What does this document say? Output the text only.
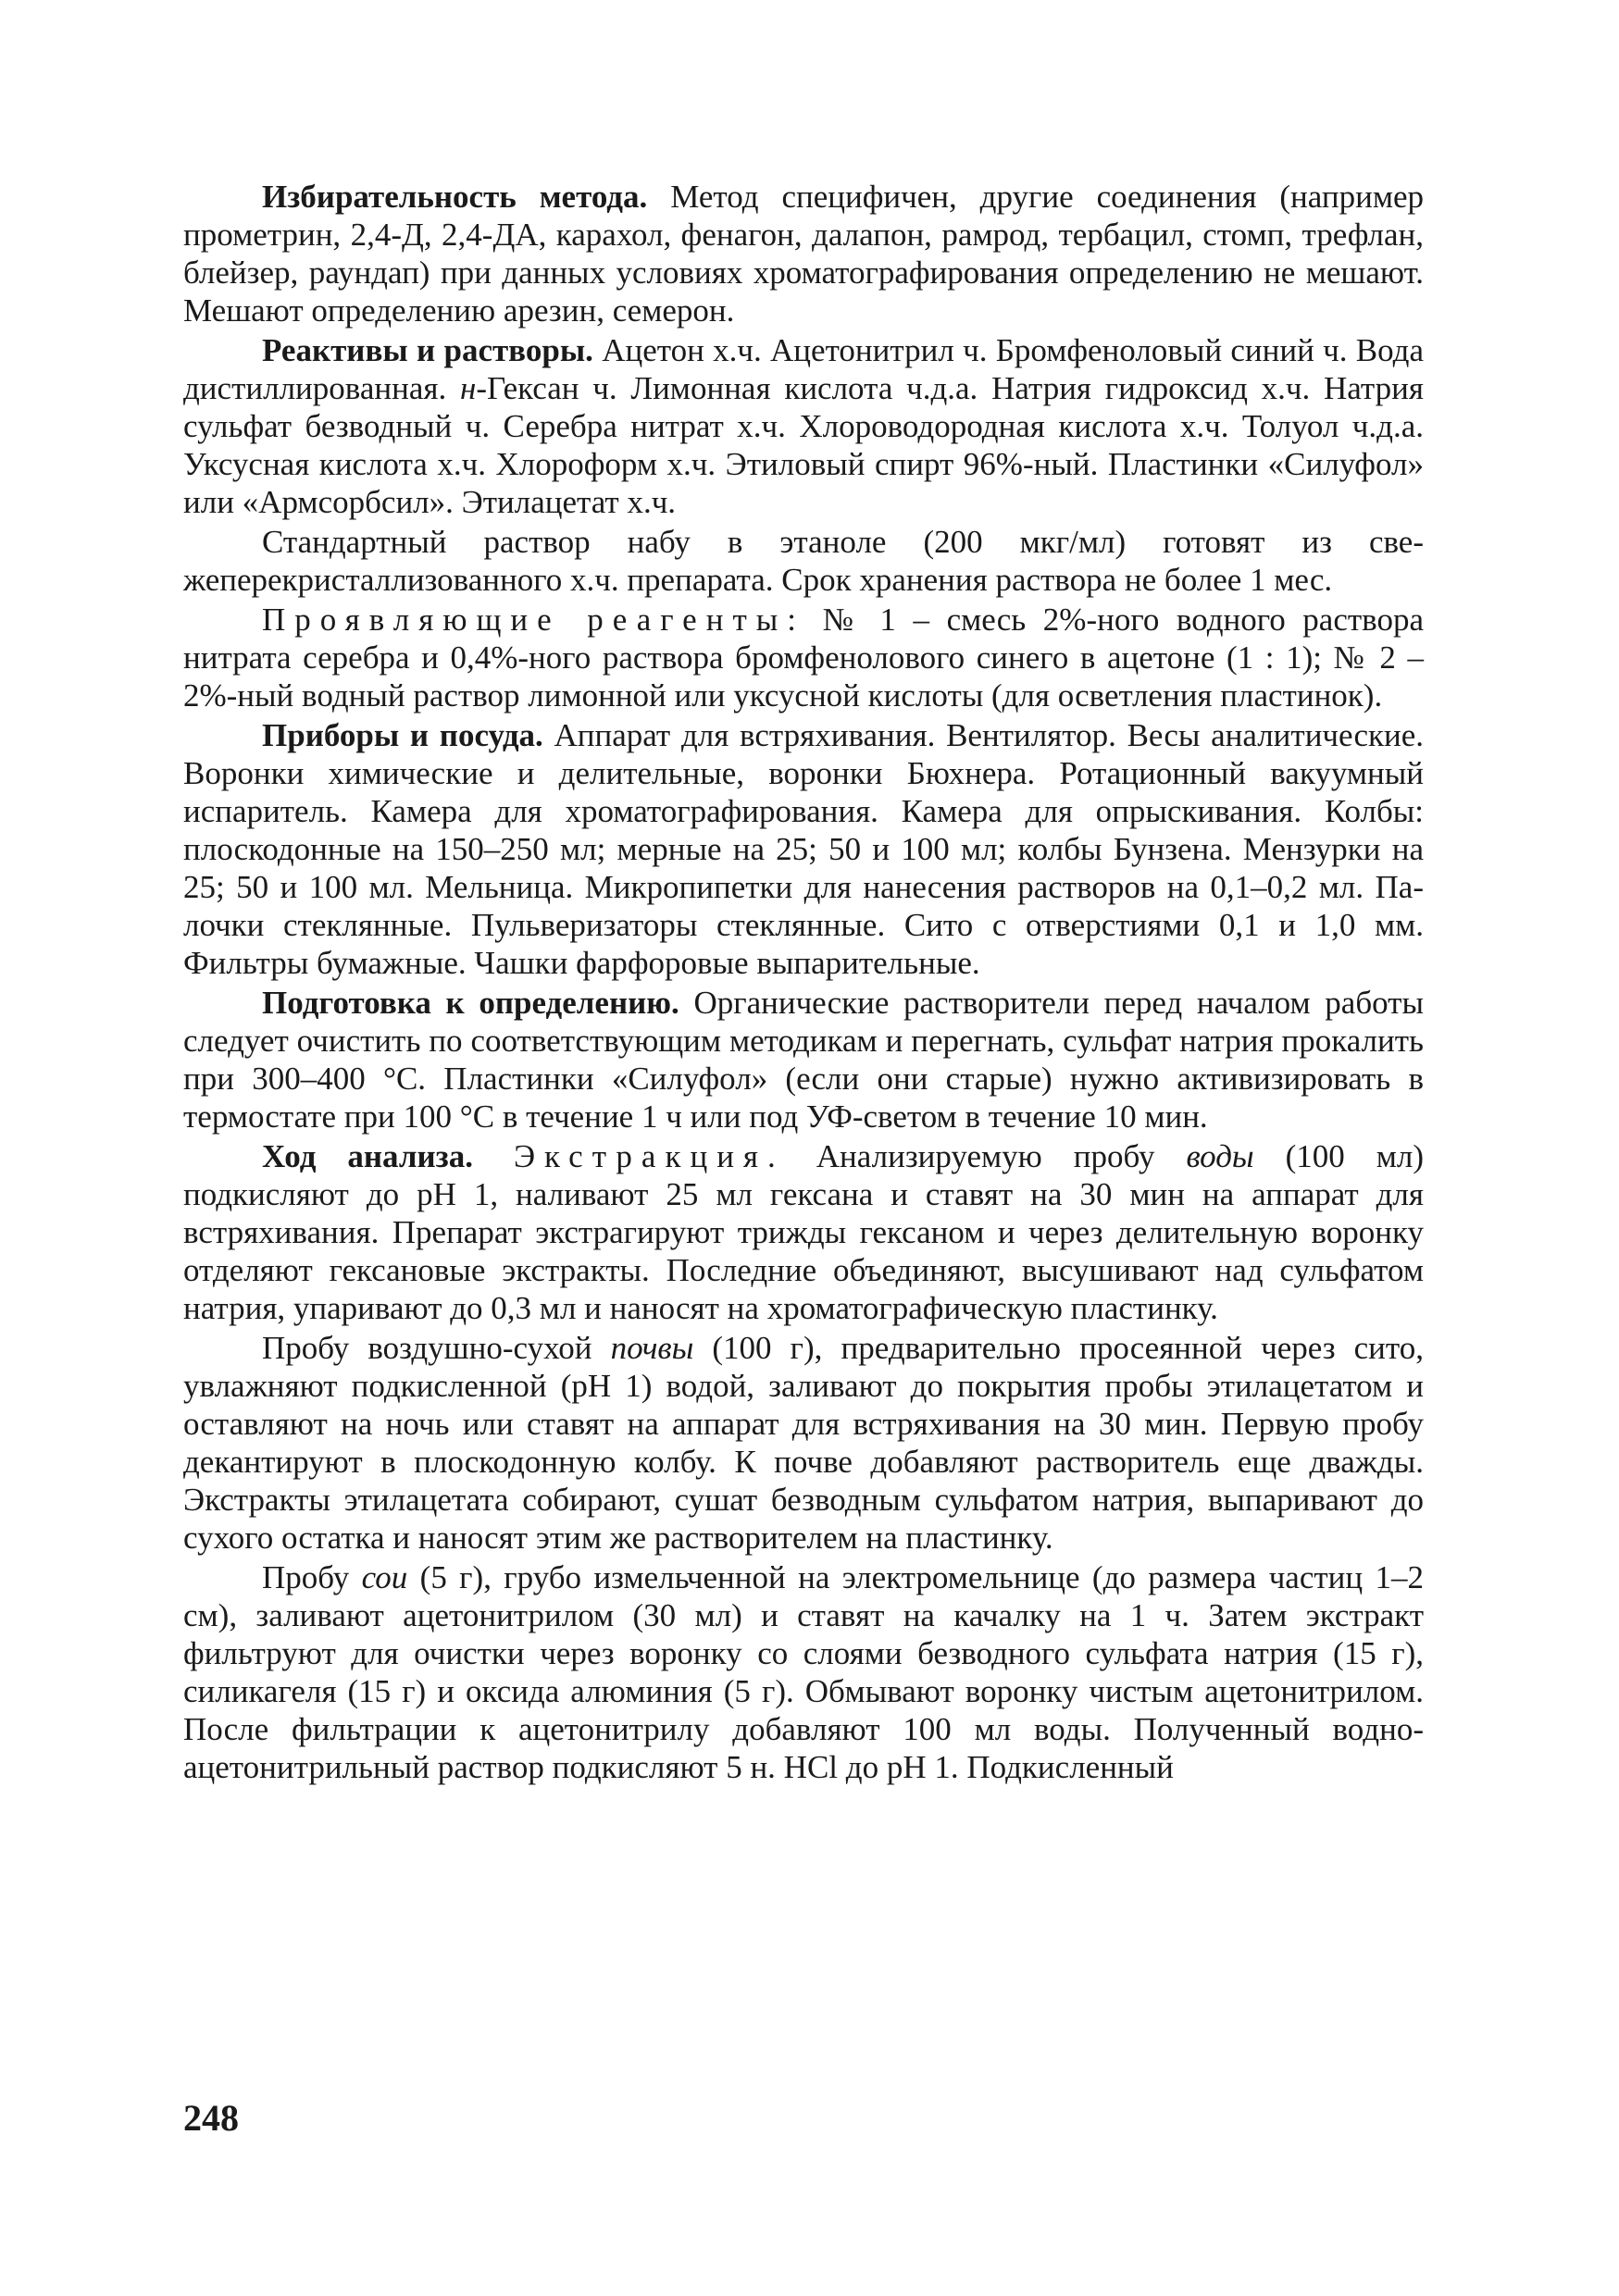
Избирательность метода. Метод специфичен, другие соединения (например прометрин, 2,4-Д, 2,4-ДА, карахол, фенагон, далапон, рамрод, тербацил, стомп, трефлан, блейзер, раундап) при данных условиях хроматографирования определению не мешают. Мешают определению арезин, семерон.

Реактивы и растворы. Ацетон х.ч. Ацетонитрил ч. Бромфеноловый синий ч. Вода дистиллированная. н-Гексан ч. Лимонная кислота ч.д.а. Натрия гидроксид х.ч. Натрия сульфат безводный ч. Серебра нитрат х.ч. Хлороводородная кислота х.ч. Толуол ч.д.а. Уксусная кислота х.ч. Хлороформ х.ч. Этиловый спирт 96%-ный. Пластинки «Силуфол» или «Армсорбсил». Этилацетат х.ч.

Стандартный раствор набу в этаноле (200 мкг/мл) готовят из свежеперекристаллизованного х.ч. препарата. Срок хранения раствора не более 1 мес.

Проявляющие реагенты: № 1 – смесь 2%-ного водного раствора нитрата серебра и 0,4%-ного раствора бромфенолового синего в ацетоне (1 : 1); № 2 – 2%-ный водный раствор лимонной или уксусной кислоты (для осветления пластинок).

Приборы и посуда. Аппарат для встряхивания. Вентилятор. Весы аналитические. Воронки химические и делительные, воронки Бюхнера. Ротационный вакуумный испаритель. Камера для хроматографирования. Камера для опрыскивания. Колбы: плоскодонные на 150–250 мл; мерные на 25; 50 и 100 мл; колбы Бунзена. Мензурки на 25; 50 и 100 мл. Мельница. Микропипетки для нанесения растворов на 0,1–0,2 мл. Палочки стеклянные. Пульверизаторы стеклянные. Сито с отверстиями 0,1 и 1,0 мм. Фильтры бумажные. Чашки фарфоровые выпарительные.

Подготовка к определению. Органические растворители перед началом работы следует очистить по соответствующим методикам и перегнать, сульфат натрия прокалить при 300–400 °С. Пластинки «Силуфол» (если они старые) нужно активизировать в термостате при 100 °С в течение 1 ч или под УФ-светом в течение 10 мин.

Ход анализа. Экстракция. Анализируемую пробу воды (100 мл) подкисляют до pH 1, наливают 25 мл гексана и ставят на 30 мин на аппарат для встряхивания. Препарат экстрагируют трижды гексаном и через делительную воронку отделяют гексановые экстракты. Последние объединяют, высушивают над сульфатом натрия, упаривают до 0,3 мл и наносят на хроматографическую пластинку.

Пробу воздушно-сухой почвы (100 г), предварительно просеянной через сито, увлажняют подкисленной (pH 1) водой, заливают до покрытия пробы этилацетатом и оставляют на ночь или ставят на аппарат для встряхивания на 30 мин. Первую пробу декантируют в плоскодонную колбу. К почве добавляют растворитель еще дважды. Экстракты этилацетата собирают, сушат безводным сульфатом натрия, выпаривают до сухого остатка и наносят этим же растворителем на пластинку.

Пробу сои (5 г), грубо измельченной на электромельнице (до размера частиц 1–2 см), заливают ацетонитрилом (30 мл) и ставят на качалку на 1 ч. Затем экстракт фильтруют для очистки через воронку со слоями безводного сульфата натрия (15 г), силикагеля (15 г) и оксида алюминия (5 г). Обмывают воронку чистым ацетонитрилом. После фильтрации к ацетонитрилу добавляют 100 мл воды. Полученный водноацетонитрильный раствор подкисляют 5 н. HCl до pH 1. Подкисленный

248
